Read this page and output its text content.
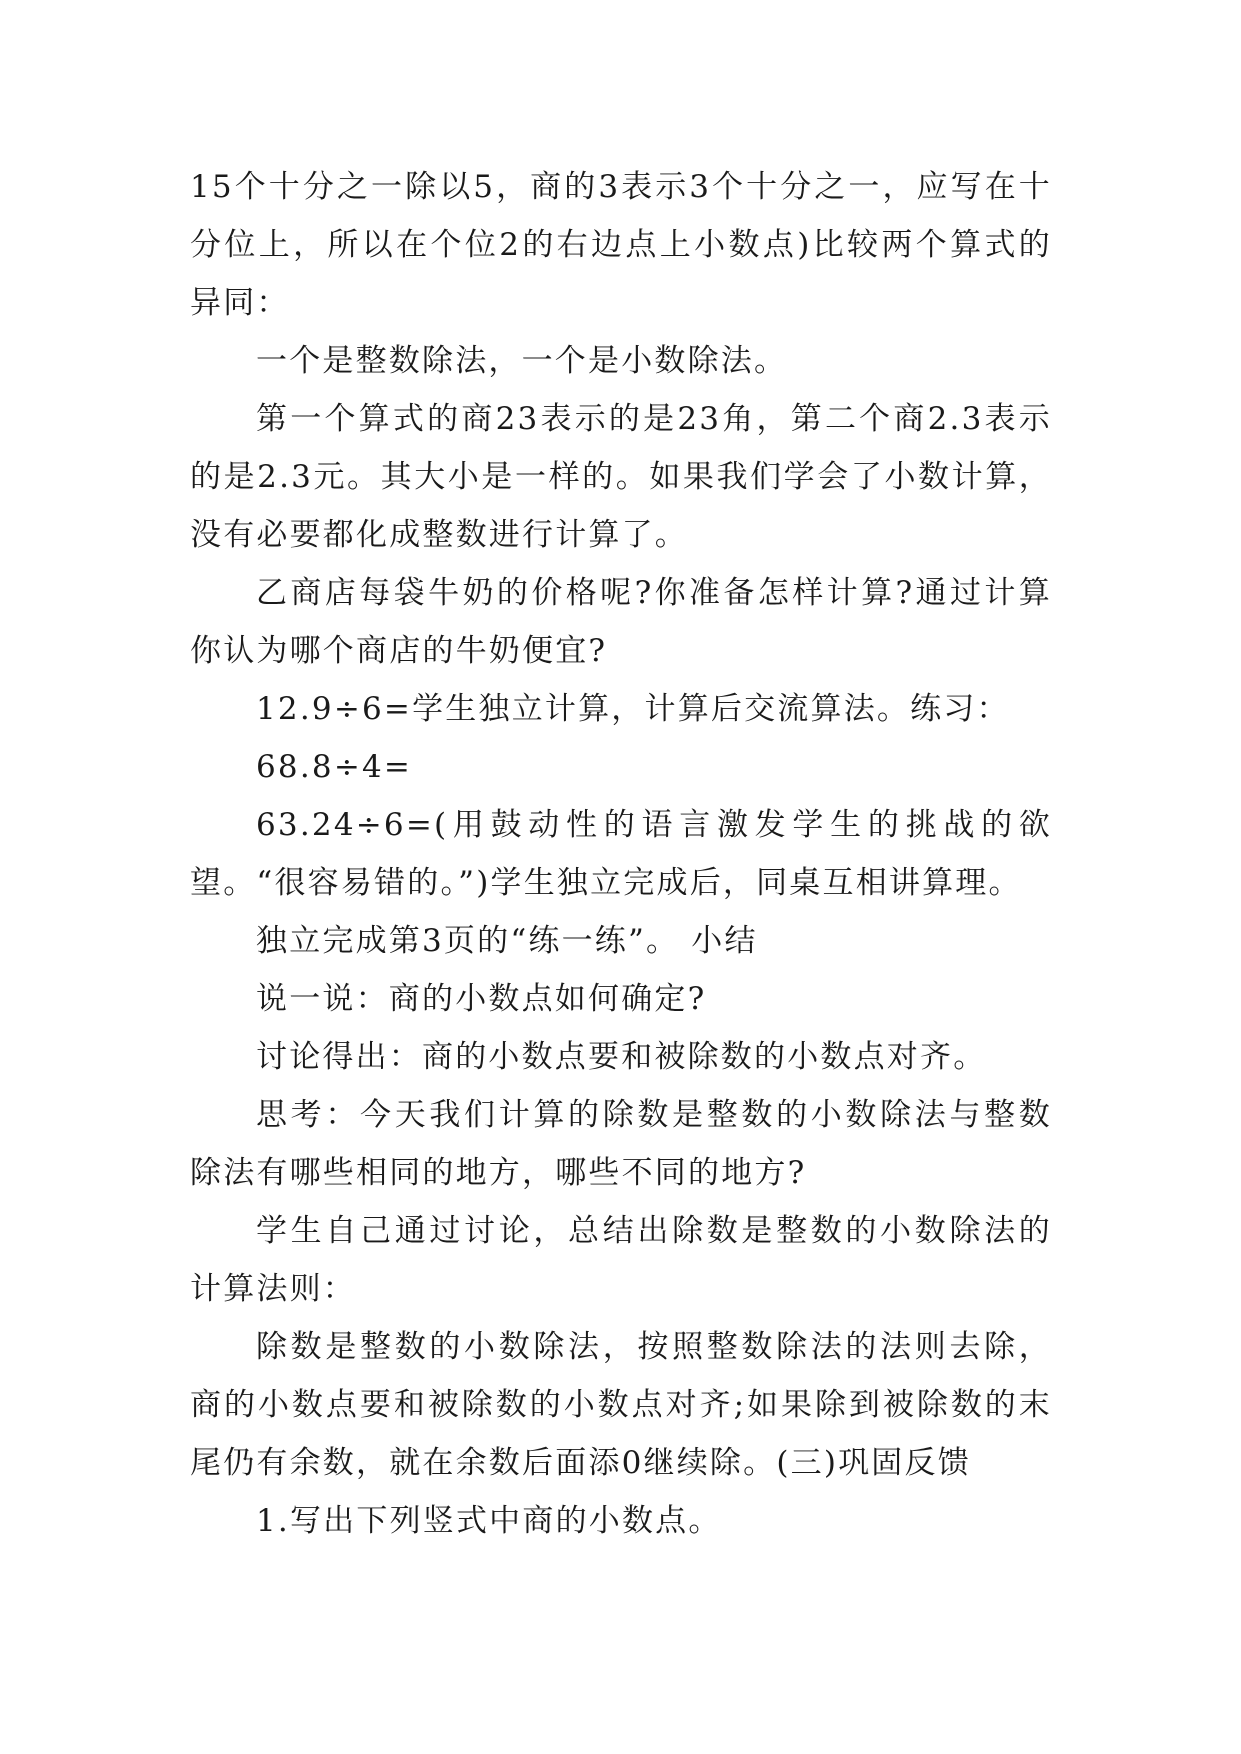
15个十分之一除以5，商的3表示3个十分之一，应写在十分位上，所以在个位2的右边点上小数点)比较两个算式的异同：

一个是整数除法，一个是小数除法。

第一个算式的商23表示的是23角，第二个商2.3表示的是2.3元。其大小是一样的。如果我们学会了小数计算，没有必要都化成整数进行计算了。

乙商店每袋牛奶的价格呢?你准备怎样计算?通过计算你认为哪个商店的牛奶便宜?

12.9÷6=学生独立计算，计算后交流算法。练习：

68.8÷4=

63.24÷6=(用鼓动性的语言激发学生的挑战的欲望。“很容易错的。”)学生独立完成后，同桌互相讲算理。

独立完成第3页的“练一练”。 小结

说一说：商的小数点如何确定?

讨论得出：商的小数点要和被除数的小数点对齐。

思考：今天我们计算的除数是整数的小数除法与整数除法有哪些相同的地方，哪些不同的地方?

学生自己通过讨论，总结出除数是整数的小数除法的计算法则：

除数是整数的小数除法，按照整数除法的法则去除，商的小数点要和被除数的小数点对齐;如果除到被除数的末尾仍有余数，就在余数后面添0继续除。(三)巩固反馈

1.写出下列竖式中商的小数点。
